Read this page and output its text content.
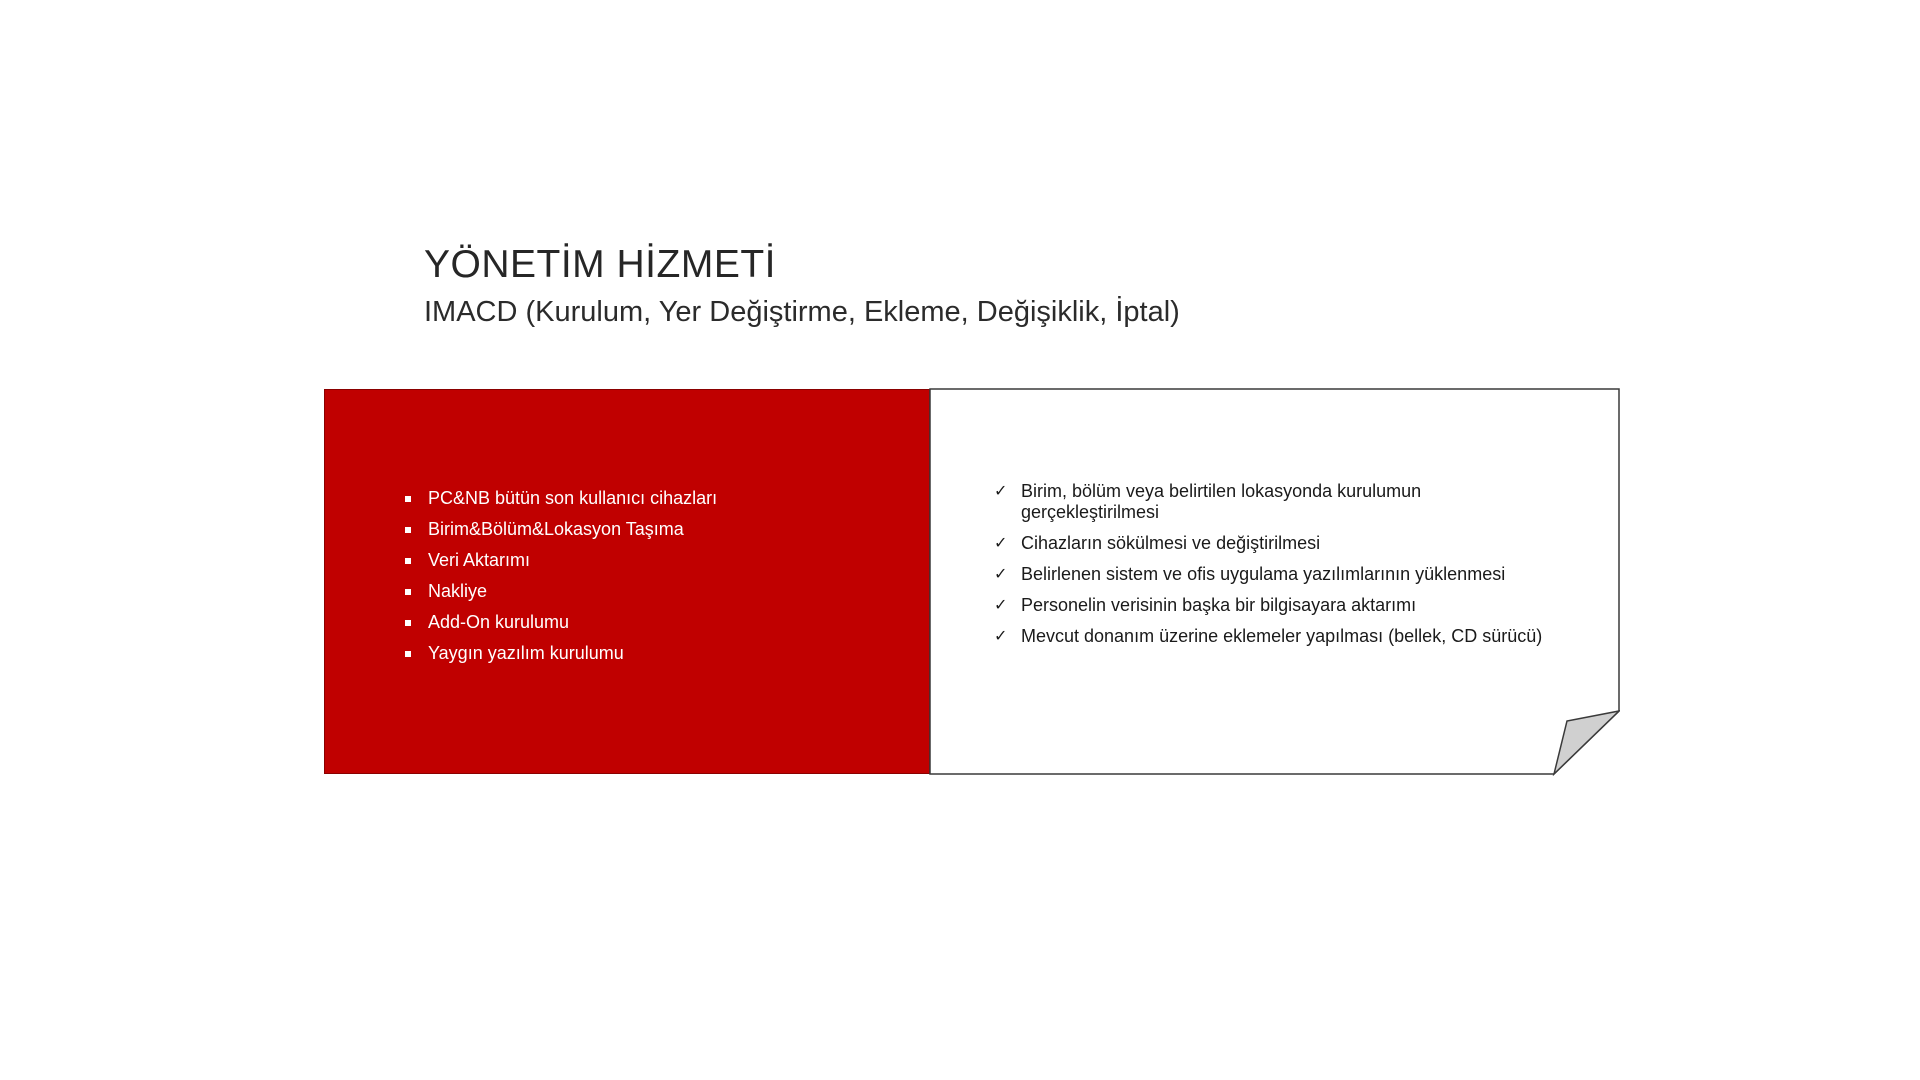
YÖNETİM HİZMETİ
IMACD (Kurulum, Yer Değiştirme, Ekleme, Değişiklik, İptal)
PC&NB bütün son kullanıcı cihazları
Birim&Bölüm&Lokasyon Taşıma
Veri Aktarımı
Nakliye
Add-On kurulumu
Yaygın yazılım kurulumu
✓ Birim, bölüm veya belirtilen lokasyonda kurulumun gerçekleştirilmesi
✓ Cihazların sökülmesi ve değiştirilmesi
✓ Belirlenen sistem ve ofis uygulama yazılımlarının yüklenmesi
✓ Personelin verisinin başka bir bilgisayara aktarımı
✓ Mevcut donanım üzerine eklemeler yapılması (bellek, CD sürücü)
